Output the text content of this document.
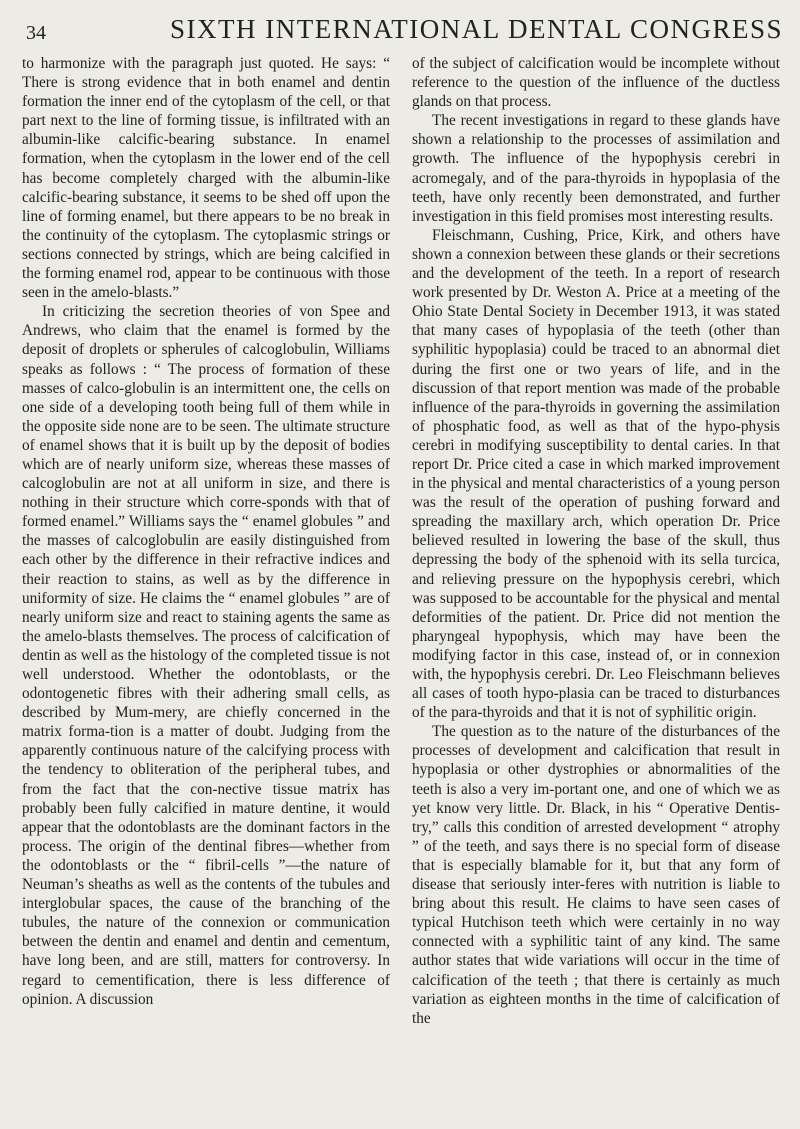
34	SIXTH INTERNATIONAL DENTAL CONGRESS

to harmonize with the paragraph just quoted. He says: “ There is strong evidence that in both enamel and dentin formation the inner end of the cytoplasm of the cell, or that part next to the line of forming tissue, is infiltrated with an albumin-like calcific-bearing substance. In enamel formation, when the cytoplasm in the lower end of the cell has become completely charged with the albumin-like calcific-bearing substance, it seems to be shed off upon the line of forming enamel, but there appears to be no break in the continuity of the cytoplasm. The cytoplasmic strings or sections connected by strings, which are being calcified in the forming enamel rod, appear to be continuous with those seen in the amelo-blasts.”

In criticizing the secretion theories of von Spee and Andrews, who claim that the enamel is formed by the deposit of droplets or spherules of calcoglobulin, Williams speaks as follows : “ The process of formation of these masses of calco-globulin is an intermittent one, the cells on one side of a developing tooth being full of them while in the opposite side none are to be seen. The ultimate structure of enamel shows that it is built up by the deposit of bodies which are of nearly uniform size, whereas these masses of calcoglobulin are not at all uniform in size, and there is nothing in their structure which corre-sponds with that of formed enamel.” Williams says the “ enamel globules ” and the masses of calcoglobulin are easily distinguished from each other by the difference in their refractive indices and their reaction to stains, as well as by the difference in uniformity of size. He claims the “ enamel globules ” are of nearly uniform size and react to staining agents the same as the amelo-blasts themselves. The process of calcification of dentin as well as the histology of the completed tissue is not well understood. Whether the odontoblasts, or the odontogenetic fibres with their adhering small cells, as described by Mum-mery, are chiefly concerned in the matrix forma-tion is a matter of doubt. Judging from the apparently continuous nature of the calcifying process with the tendency to obliteration of the peripheral tubes, and from the fact that the con-nective tissue matrix has probably been fully calcified in mature dentine, it would appear that the odontoblasts are the dominant factors in the process. The origin of the dentinal fibres—whether from the odontoblasts or the “ fibril-cells ”—the nature of Neuman’s sheaths as well as the contents of the tubules and interglobular spaces, the cause of the branching of the tubules, the nature of the connexion or communication between the dentin and enamel and dentin and cementum, have long been, and are still, matters for controversy. In regard to cementification, there is less difference of opinion. A discussion

of the subject of calcification would be incomplete without reference to the question of the influence of the ductless glands on that process.

The recent investigations in regard to these glands have shown a relationship to the processes of assimilation and growth. The influence of the hypophysis cerebri in acromegaly, and of the para-thyroids in hypoplasia of the teeth, have only recently been demonstrated, and further investigation in this field promises most interesting results.

Fleischmann, Cushing, Price, Kirk, and others have shown a connexion between these glands or their secretions and the development of the teeth. In a report of research work presented by Dr. Weston A. Price at a meeting of the Ohio State Dental Society in December 1913, it was stated that many cases of hypoplasia of the teeth (other than syphilitic hypoplasia) could be traced to an abnormal diet during the first one or two years of life, and in the discussion of that report mention was made of the probable influence of the para-thyroids in governing the assimilation of phosphatic food, as well as that of the hypo-physis cerebri in modifying susceptibility to dental caries. In that report Dr. Price cited a case in which marked improvement in the physical and mental characteristics of a young person was the result of the operation of pushing forward and spreading the maxillary arch, which operation Dr. Price believed resulted in lowering the base of the skull, thus depressing the body of the sphenoid with its sella turcica, and relieving pressure on the hypophysis cerebri, which was supposed to be accountable for the physical and mental deformities of the patient. Dr. Price did not mention the pharyngeal hypophysis, which may have been the modifying factor in this case, instead of, or in connexion with, the hypophysis cerebri. Dr. Leo Fleischmann believes all cases of tooth hypo-plasia can be traced to disturbances of the para-thyroids and that it is not of syphilitic origin.

The question as to the nature of the disturbances of the processes of development and calcification that result in hypoplasia or other dystrophies or abnormalities of the teeth is also a very im-portant one, and one of which we as yet know very little. Dr. Black, in his “ Operative Dentis-try,” calls this condition of arrested development “ atrophy ” of the teeth, and says there is no special form of disease that is especially blamable for it, but that any form of disease that seriously inter-feres with nutrition is liable to bring about this result. He claims to have seen cases of typical Hutchison teeth which were certainly in no way connected with a syphilitic taint of any kind. The same author states that wide variations will occur in the time of calcification of the teeth ; that there is certainly as much variation as eighteen months in the time of calcification of the
